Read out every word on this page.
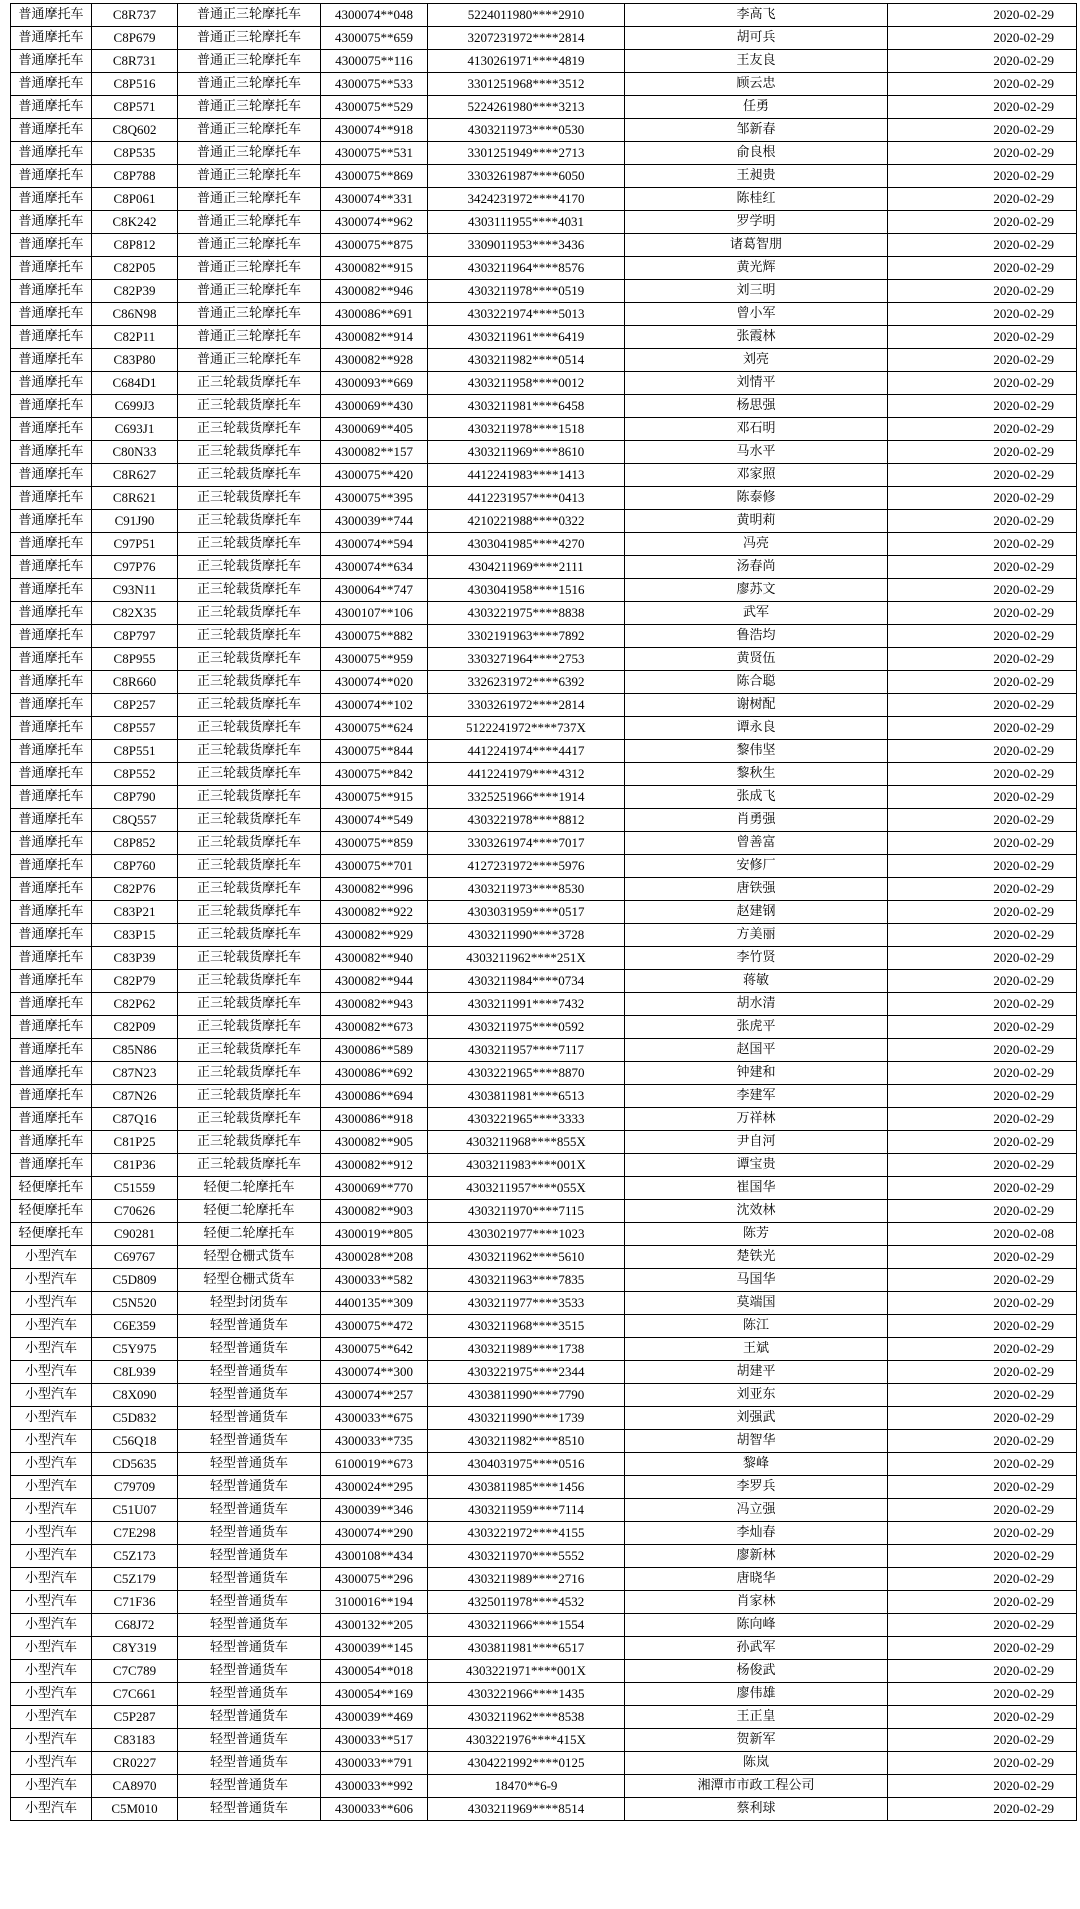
普通摩托车	C8R737	普通正三轮摩托车	4300074**048	5224011980****2910	李高飞	2020-02-29
普通摩托车	C8P679	普通正三轮摩托车	4300075**659	3207231972****2814	胡可兵	2020-02-29
普通摩托车	C8R731	普通正三轮摩托车	4300075**116	4130261971****4819	王友良	2020-02-29
普通摩托车	C8P516	普通正三轮摩托车	4300075**533	3301251968****3512	顾云忠	2020-02-29
普通摩托车	C8P571	普通正三轮摩托车	4300075**529	5224261980****3213	任勇	2020-02-29
普通摩托车	C8Q602	普通正三轮摩托车	4300074**918	4303211973****0530	邹新春	2020-02-29
普通摩托车	C8P535	普通正三轮摩托车	4300075**531	3301251949****2713	俞良根	2020-02-29
普通摩托车	C8P788	普通正三轮摩托车	4300075**869	3303261987****6050	王昶贵	2020-02-29
普通摩托车	C8P061	普通正三轮摩托车	4300074**331	3424231972****4170	陈桂红	2020-02-29
普通摩托车	C8K242	普通正三轮摩托车	4300074**962	4303111955****4031	罗学明	2020-02-29
普通摩托车	C8P812	普通正三轮摩托车	4300075**875	3309011953****3436	诸葛智朋	2020-02-29
普通摩托车	C82P05	普通正三轮摩托车	4300082**915	4303211964****8576	黄光辉	2020-02-29
普通摩托车	C82P39	普通正三轮摩托车	4300082**946	4303211978****0519	刘三明	2020-02-29
普通摩托车	C86N98	普通正三轮摩托车	4300086**691	4303221974****5013	曾小军	2020-02-29
普通摩托车	C82P11	普通正三轮摩托车	4300082**914	4303211961****6419	张霞林	2020-02-29
普通摩托车	C83P80	普通正三轮摩托车	4300082**928	4303211982****0514	刘亮	2020-02-29
普通摩托车	C684D1	正三轮载货摩托车	4300093**669	4303211958****0012	刘情平	2020-02-29
普通摩托车	C699J3	正三轮载货摩托车	4300069**430	4303211981****6458	杨思强	2020-02-29
普通摩托车	C693J1	正三轮载货摩托车	4300069**405	4303211978****1518	邓石明	2020-02-29
普通摩托车	C80N33	正三轮载货摩托车	4300082**157	4303211969****8610	马水平	2020-02-29
普通摩托车	C8R627	正三轮载货摩托车	4300075**420	4412241983****1413	邓家照	2020-02-29
普通摩托车	C8R621	正三轮载货摩托车	4300075**395	4412231957****0413	陈泰修	2020-02-29
普通摩托车	C91J90	正三轮载货摩托车	4300039**744	4210221988****0322	黄明莉	2020-02-29
普通摩托车	C97P51	正三轮载货摩托车	4300074**594	4303041985****4270	冯亮	2020-02-29
普通摩托车	C97P76	正三轮载货摩托车	4300074**634	4304211969****2111	汤春尚	2020-02-29
普通摩托车	C93N11	正三轮载货摩托车	4300064**747	4303041958****1516	廖苏文	2020-02-29
普通摩托车	C82X35	正三轮载货摩托车	4300107**106	4303221975****8838	武军	2020-02-29
普通摩托车	C8P797	正三轮载货摩托车	4300075**882	3302191963****7892	鲁浩均	2020-02-29
普通摩托车	C8P955	正三轮载货摩托车	4300075**959	3303271964****2753	黄贤伍	2020-02-29
普通摩托车	C8R660	正三轮载货摩托车	4300074**020	3326231972****6392	陈合聪	2020-02-29
普通摩托车	C8P257	正三轮载货摩托车	4300074**102	3303261972****2814	谢树配	2020-02-29
普通摩托车	C8P557	正三轮载货摩托车	4300075**624	5122241972****737X	谭永良	2020-02-29
普通摩托车	C8P551	正三轮载货摩托车	4300075**844	4412241974****4417	黎伟坚	2020-02-29
普通摩托车	C8P552	正三轮载货摩托车	4300075**842	4412241979****4312	黎秋生	2020-02-29
普通摩托车	C8P790	正三轮载货摩托车	4300075**915	3325251966****1914	张成飞	2020-02-29
普通摩托车	C8Q557	正三轮载货摩托车	4300074**549	4303221978****8812	肖勇强	2020-02-29
普通摩托车	C8P852	正三轮载货摩托车	4300075**859	3303261974****7017	曾善富	2020-02-29
普通摩托车	C8P760	正三轮载货摩托车	4300075**701	4127231972****5976	安修厂	2020-02-29
普通摩托车	C82P76	正三轮载货摩托车	4300082**996	4303211973****8530	唐铁强	2020-02-29
普通摩托车	C83P21	正三轮载货摩托车	4300082**922	4303031959****0517	赵建钢	2020-02-29
普通摩托车	C83P15	正三轮载货摩托车	4300082**929	4303211990****3728	方美丽	2020-02-29
普通摩托车	C83P39	正三轮载货摩托车	4300082**940	4303211962****251X	李竹贤	2020-02-29
普通摩托车	C82P79	正三轮载货摩托车	4300082**944	4303211984****0734	蒋敏	2020-02-29
普通摩托车	C82P62	正三轮载货摩托车	4300082**943	4303211991****7432	胡水清	2020-02-29
普通摩托车	C82P09	正三轮载货摩托车	4300082**673	4303211975****0592	张虎平	2020-02-29
普通摩托车	C85N86	正三轮载货摩托车	4300086**589	4303211957****7117	赵国平	2020-02-29
普通摩托车	C87N23	正三轮载货摩托车	4300086**692	4303221965****8870	钟建和	2020-02-29
普通摩托车	C87N26	正三轮载货摩托车	4300086**694	4303811981****6513	李建军	2020-02-29
普通摩托车	C87Q16	正三轮载货摩托车	4300086**918	4303221965****3333	万祥林	2020-02-29
普通摩托车	C81P25	正三轮载货摩托车	4300082**905	4303211968****855X	尹自河	2020-02-29
普通摩托车	C81P36	正三轮载货摩托车	4300082**912	4303211983****001X	谭宝贵	2020-02-29
轻便摩托车	C51559	轻便二轮摩托车	4300069**770	4303211957****055X	崔国华	2020-02-29
轻便摩托车	C70626	轻便二轮摩托车	4300082**903	4303211970****7115	沈效林	2020-02-29
轻便摩托车	C90281	轻便二轮摩托车	4300019**805	4303021977****1023	陈芳	2020-02-08
小型汽车	C69767	轻型仓栅式货车	4300028**208	4303211962****5610	楚铁光	2020-02-29
小型汽车	C5D809	轻型仓栅式货车	4300033**582	4303211963****7835	马国华	2020-02-29
小型汽车	C5N520	轻型封闭货车	4400135**309	4303211977****3533	莫端国	2020-02-29
小型汽车	C6E359	轻型普通货车	4300075**472	4303211968****3515	陈江	2020-02-29
小型汽车	C5Y975	轻型普通货车	4300075**642	4303211989****1738	王斌	2020-02-29
小型汽车	C8L939	轻型普通货车	4300074**300	4303221975****2344	胡建平	2020-02-29
小型汽车	C8X090	轻型普通货车	4300074**257	4303811990****7790	刘亚东	2020-02-29
小型汽车	C5D832	轻型普通货车	4300033**675	4303211990****1739	刘强武	2020-02-29
小型汽车	C56Q18	轻型普通货车	4300033**735	4303211982****8510	胡智华	2020-02-29
小型汽车	CD5635	轻型普通货车	6100019**673	4304031975****0516	黎峰	2020-02-29
小型汽车	C79709	轻型普通货车	4300024**295	4303811985****1456	李罗兵	2020-02-29
小型汽车	C51U07	轻型普通货车	4300039**346	4303211959****7114	冯立强	2020-02-29
小型汽车	C7E298	轻型普通货车	4300074**290	4303221972****4155	李灿春	2020-02-29
小型汽车	C5Z173	轻型普通货车	4300108**434	4303211970****5552	廖新林	2020-02-29
小型汽车	C5Z179	轻型普通货车	4300075**296	4303211989****2716	唐晓华	2020-02-29
小型汽车	C71F36	轻型普通货车	3100016**194	4325011978****4532	肖家林	2020-02-29
小型汽车	C68J72	轻型普通货车	4300132**205	4303211966****1554	陈向峰	2020-02-29
小型汽车	C8Y319	轻型普通货车	4300039**145	4303811981****6517	孙武军	2020-02-29
小型汽车	C7C789	轻型普通货车	4300054**018	4303221971****001X	杨俊武	2020-02-29
小型汽车	C7C661	轻型普通货车	4300054**169	4303221966****1435	廖伟雄	2020-02-29
小型汽车	C5P287	轻型普通货车	4300039**469	4303211962****8538	王正皇	2020-02-29
小型汽车	C83183	轻型普通货车	4300033**517	4303221976****415X	贺新军	2020-02-29
小型汽车	CR0227	轻型普通货车	4300033**791	4304221992****0125	陈岚	2020-02-29
小型汽车	CA8970	轻型普通货车	4300033**992	18470**6-9	湘潭市市政工程公司	2020-02-29
小型汽车	C5M010	轻型普通货车	4300033**606	4303211969****8514	蔡利球	2020-02-29
